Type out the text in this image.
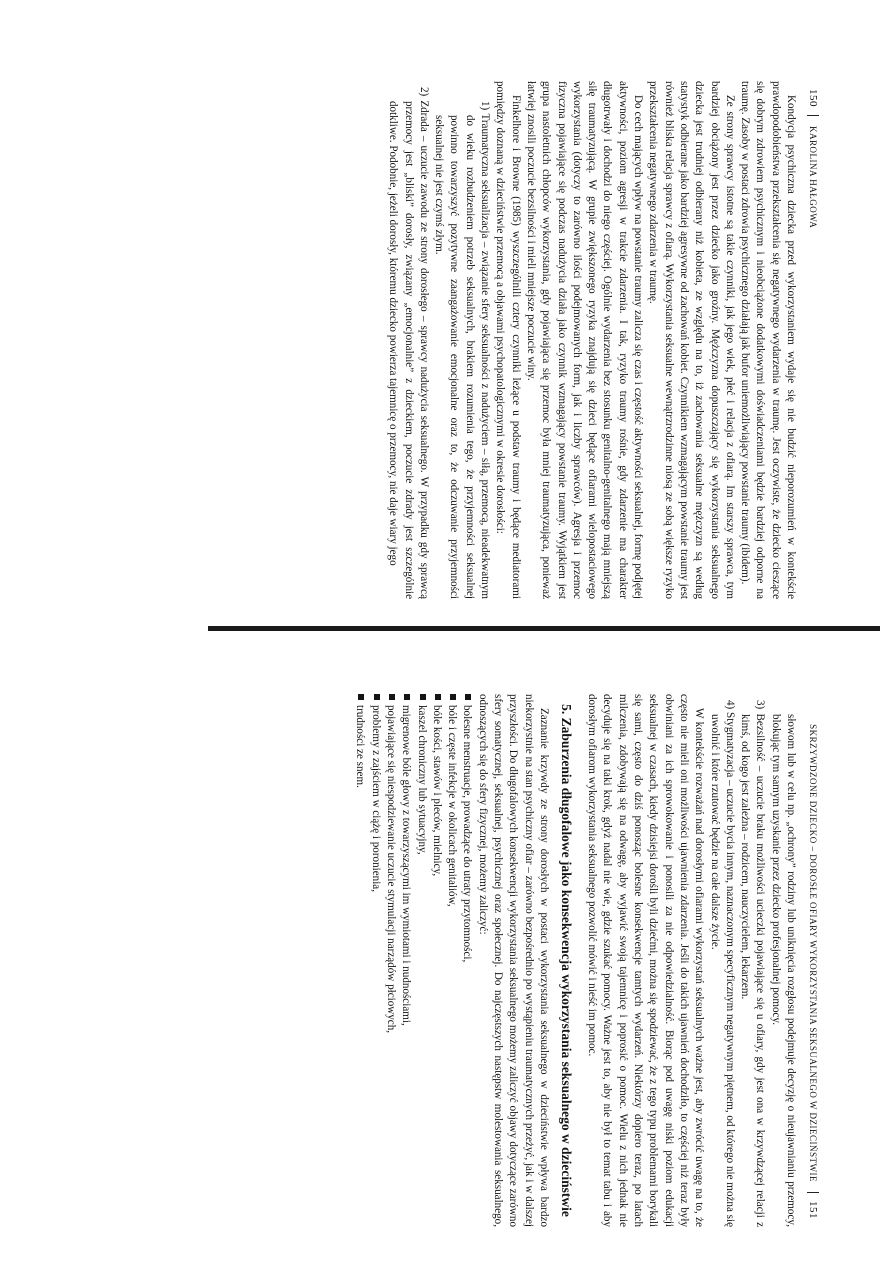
150
KAROLINA HAŁGOWA

Kondycja psychiczna dziecka przed wykorzystaniem wydaje się nie budzić nieporozumień w kontekście prawdopodobieństwa przekształcenia się negatywnego wydarzenia w traumę. Jest oczywiste, że dziecko cieszące się dobrym zdrowiem psychicznym i nieobciążone dodatkowymi doświadczeniami będzie bardziej odporne na traumę. Zasoby w postaci zdrowia psychicznego działają jak bufor uniemożliwiający powstanie traumy (ibidem).

Ze strony sprawcy istotne są takie czynniki, jak jego wiek, płeć i relacja z ofiarą. Im starszy sprawca, tym bardziej obciążony jest przez dziecko jako groźny. Mężczyzna dopuszczający się wykorzystania seksualnego dziecka jest trudniej odbierany niż kobieta, ze względu na to, iż zachowania seksualne mężczyzn są według statystyk odbierane jako bardziej agresywne od zachowań kobiet. Czynnikiem wzmagającym powstanie traumy jest również bliska relacja sprawcy z ofiarą. Wykorzystania seksualne wewnątrzrodzinne niosą ze sobą większe ryzyko przekształcenia negatywnego zdarzenia w traumę.

Do cech mających wpływ na powstanie traumy zalicza się czas i częstość aktywności seksualnej, formę podjętej aktywności, poziom agresji w trakcie zdarzenia. I tak, ryzyko traumy rośnie, gdy zdarzenie ma charakter długotrwały i dochodzi do niego częściej. Ogólnie wydarzenia bez stosunku genitalno-genitalnego mają mniejszą siłę traumatyzującą. W grupie zwiększonego ryzyka znajdują się dzieci będące ofiarami wielopostaciowego wykorzystania (dotyczy to zarówno ilości podejmowanych form, jak i liczby sprawców). Agresja i przemoc fizyczna pojawiające się podczas nadużycia działa jako czynnik wzmagający powstanie traumy. Wyjątkiem jest grupa nastoletnich chłopców wykorzystania, gdy pojawiająca się przemoc była mniej traumatyzująca, ponieważ łatwiej znosili poczucie bezsilności i mieli mniejsze poczucie winy.

Finkelhore i Browne (1985) wyszczególnili cztery czynniki leżące u podstaw traumy i będące mediatorami pomiędzy doznaną w dzieciństwie przemocą a objawami psychopatologicznymi w okresie dorosłości:

1) Traumatyczna seksualizacja – związanie sfery seksualności z nadużyciem – siłą, przemocą, nieadekwatnym do wieku rozbudzeniem potrzeb seksualnych, brakiem rozumienia tego, że przyjemności seksualnej powinno towarzyszyć pozytywne zaangażowanie emocjonalne oraz to, że odczuwanie przyjemności seksualnej nie jest czymś złym.
2) Zdrada – uczucie zawodu ze strony dorosłego – sprawcy nadużycia seksualnego. W przypadku gdy sprawcą przemocy jest „bliski” dorosły, związany „emocjonalnie” z dzieckiem, poczucie zdrady jest szczególnie dotkliwe. Podobnie, jeżeli dorosły, któremu dziecko powierza tajemnicę o przemocy, nie daje wiary jego
SKRZYWDZONE DZIECKO – DOROSŁE OFIARY WYKORZYSTANIA SEKSUALNEGO W DZIECIŃSTWIE
151

słowom lub w celu np. „ochrony” rodziny lub uniknięcia rozgłosu podejmuje decyzję o nieujawnianiu przemocy, blokując tym samym uzyskanie przez dziecko profesjonalnej pomocy.

3) Bezsilność – uczucie braku możliwości ucieczki pojawiające się u ofiary, gdy jest ona w krzywdzącej relacji z kimś, od kogo jest zależna – rodzicem, nauczycielem, lekarzem.
4) Stygmatyzacja – uczucie bycia innym, naznaczonym specyficznym negatywnym piętnem, od którego nie można się uwolnić i które rzutować będzie na całe dalsze życie.

W kontekście rozważań nad dorosłymi ofiarami wykorzystań seksualnych ważne jest, aby zwrócić uwagę na to, że często nie mieli oni możliwości ujawnienia zdarzenia. Jeśli do takich ujawnień dochodziło, to częściej niż teraz były obwiniani za ich sprowokowanie i ponosili za nie odpowiedzialność. Biorąc pod uwagę niski poziom edukacji seksualnej w czasach, kiedy dzisiejsi dorośli byli dziećmi, można się spodziewać, że z tego typu problemami borykali się sami, często do dziś ponosząc bolesne konsekwencje tamtych wydarzeń. Niektórzy dopiero teraz, po latach milczenia, zdobywają się na odwagę, aby wyjawić swoją tajemnicę i poprosić o pomoc. Wielu z nich jednak nie decyduje się na taki krok, gdyż nadal nie wie, gdzie szukać pomocy. Ważne jest to, aby nie był to temat tabu i aby dorosłym ofiarom wykorzystania seksualnego pozwolić mówić i nieść im pomoc.

5. Zaburzenia długofalowe jako konsekwencja wykorzystania seksualnego w dzieciństwie

Zaznanie krzywdy ze strony dorosłych w postaci wykorzystania seksualnego w dzieciństwie wpływa bardzo niekorzystnie na stan psychiczny ofiar – zarówno bezpośrednio po wystąpieniu traumatycznych przeżyć, jak i w dalszej przyszłości. Do długofalowych konsekwencji wykorzystania seksualnego możemy zaliczyć objawy dotyczące zarówno sfery somatycznej, seksualnej, psychicznej oraz społecznej. Do najczęstszych następstw molestowania seksualnego, odnoszących się do sfery fizycznej, możemy zaliczyć:

bolesne menstruacje, prowadzące do utraty przytomności,
bóle i częste infekcje w okolicach genitaliów,
bóle kości, stawów i pleców, mielnicy,
kaszel chroniczny lub sytuacyjny,
migrenowe bóle głowy z towarzyszącymi im wymiotami i nudnościami,
pojawiające się niespodziewanie uczucie stymulacji narządów płciowych,
problemy z zajściem w ciążę i poronienia,
trudności ze snem.
